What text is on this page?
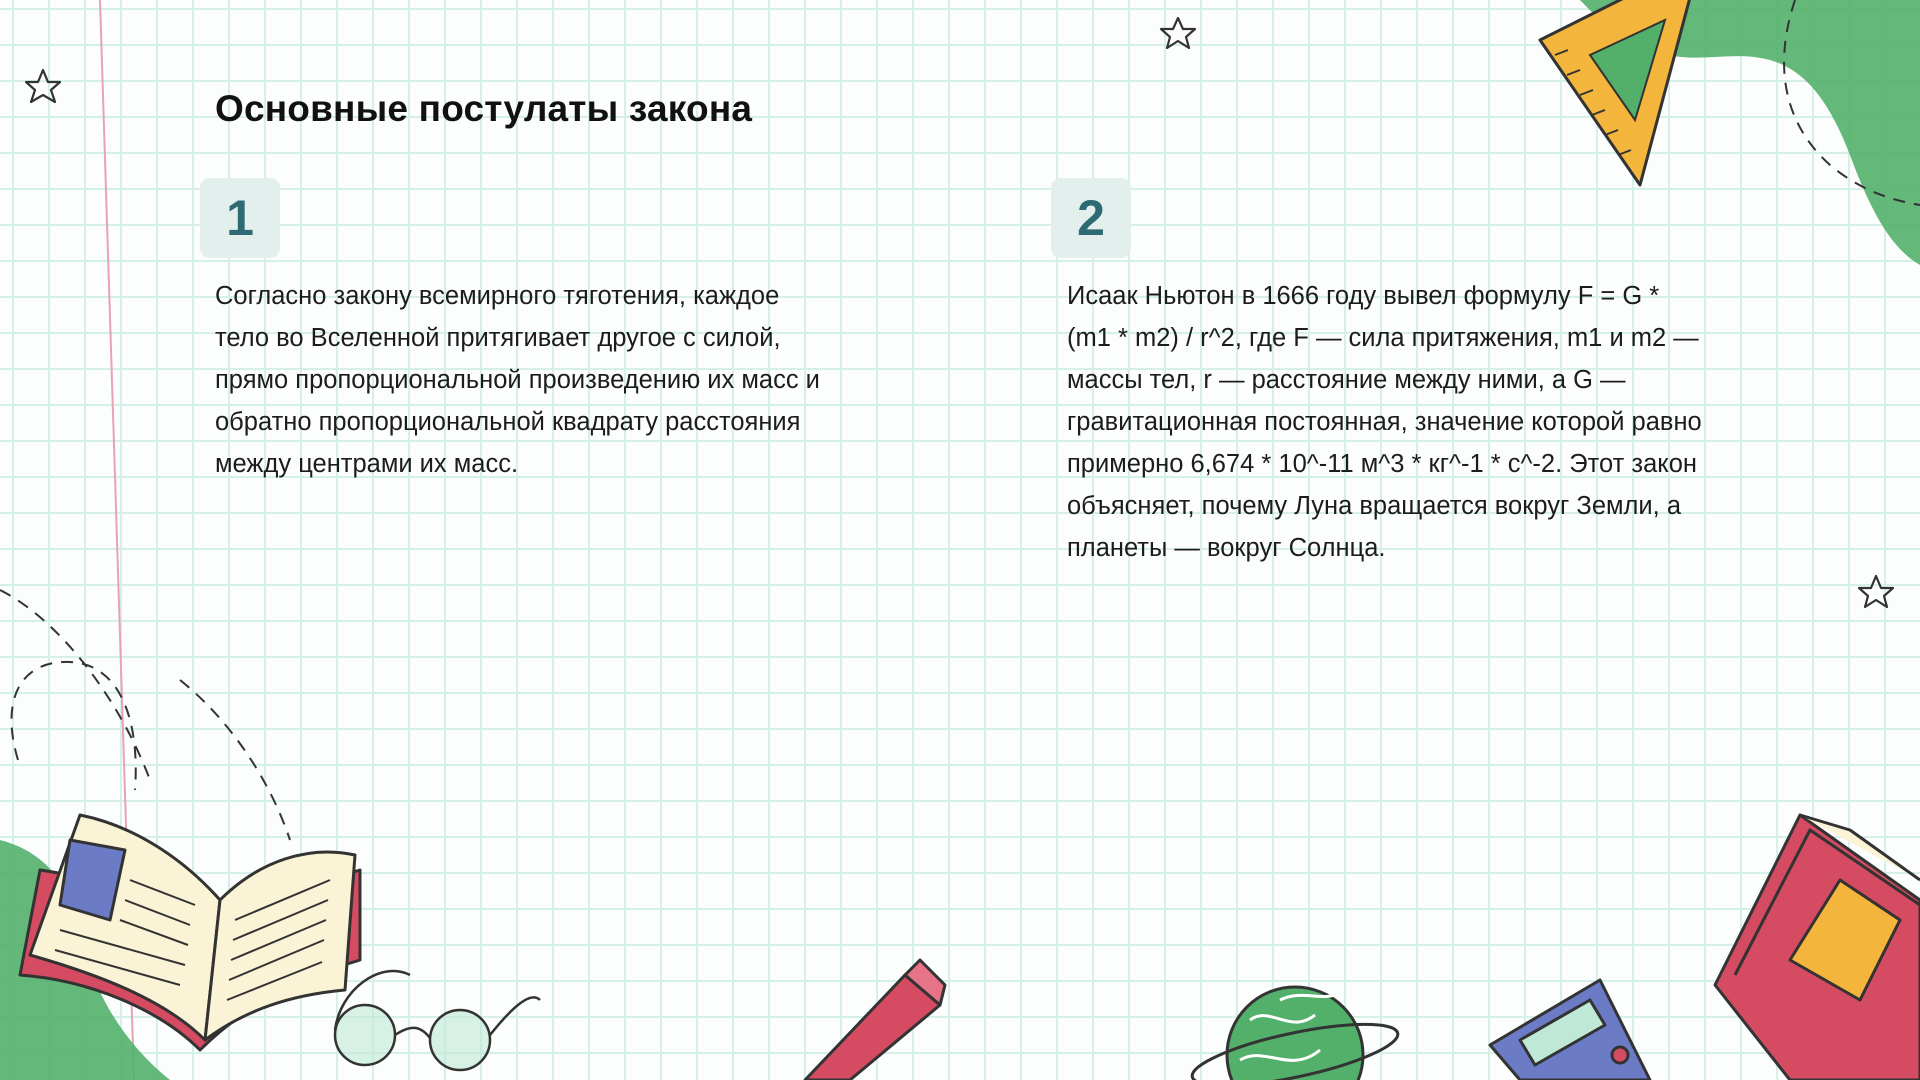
Основные постулаты закона
1

Согласно закону всемирного тяготения, каждое тело во Вселенной притягивает другое с силой, прямо пропорциональной произведению их масс и обратно пропорциональной квадрату расстояния между центрами их масс.

2

Исаак Ньютон в 1666 году вывел формулу F = G * (m1 * m2) / r^2, где F — сила притяжения, m1 и m2 — массы тел, r — расстояние между ними, а G — гравитационная постоянная, значение которой равно примерно 6,674 * 10^-11 м^3 * кг^-1 * с^-2. Этот закон объясняет, почему Луна вращается вокруг Земли, а планеты — вокруг Солнца.
